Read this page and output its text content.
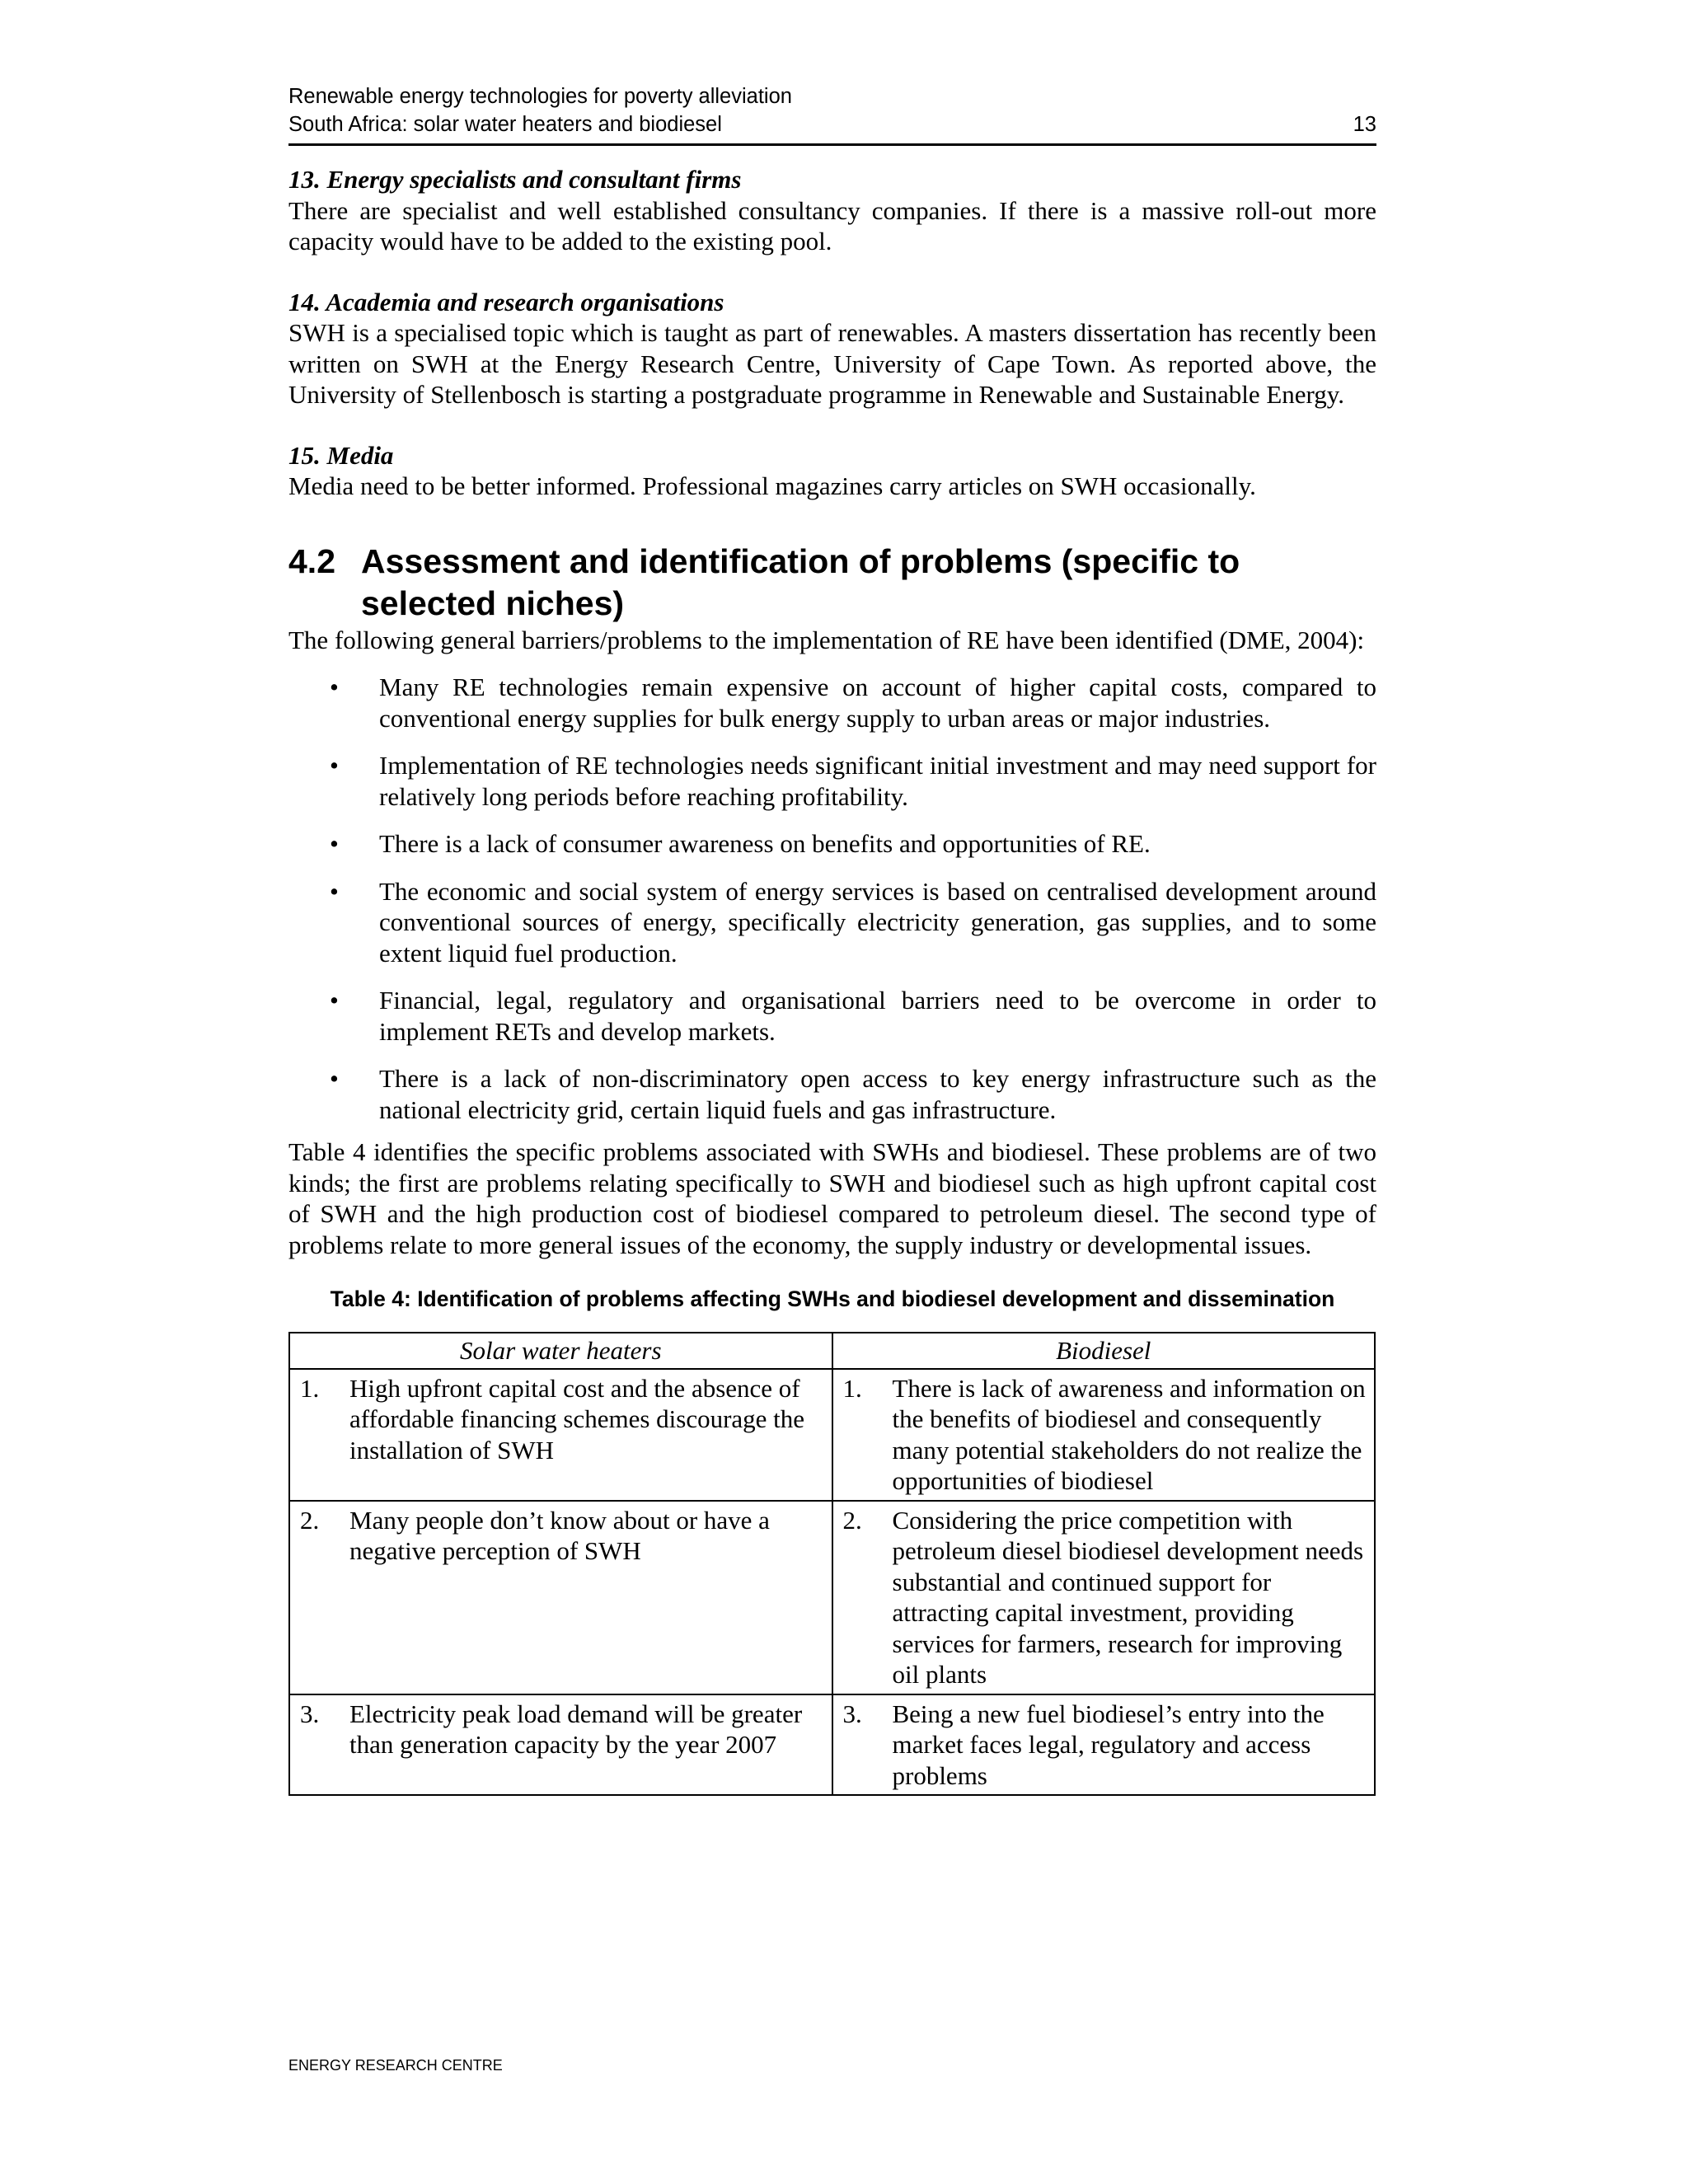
Renewable energy technologies for poverty alleviation
South Africa: solar water heaters and biodiesel	13

13. Energy specialists and consultant firms

There are specialist and well established consultancy companies. If there is a massive roll-out more capacity would have to be added to the existing pool.

14. Academia and research organisations

SWH is a specialised topic which is taught as part of renewables. A masters dissertation has recently been written on SWH at the Energy Research Centre, University of Cape Town. As reported above, the University of Stellenbosch is starting a postgraduate programme in Renewable and Sustainable Energy.

15. Media

Media need to be better informed. Professional magazines carry articles on SWH occasionally.

4.2 Assessment and identification of problems (specific to selected niches)

The following general barriers/problems to the implementation of RE have been identified (DME, 2004):

• Many RE technologies remain expensive on account of higher capital costs, compared to conventional energy supplies for bulk energy supply to urban areas or major industries.
• Implementation of RE technologies needs significant initial investment and may need support for relatively long periods before reaching profitability.
• There is a lack of consumer awareness on benefits and opportunities of RE.
• The economic and social system of energy services is based on centralised development around conventional sources of energy, specifically electricity generation, gas supplies, and to some extent liquid fuel production.
• Financial, legal, regulatory and organisational barriers need to be overcome in order to implement RETs and develop markets.
• There is a lack of non-discriminatory open access to key energy infrastructure such as the national electricity grid, certain liquid fuels and gas infrastructure.

Table 4 identifies the specific problems associated with SWHs and biodiesel. These problems are of two kinds; the first are problems relating specifically to SWH and biodiesel such as high upfront capital cost of SWH and the high production cost of biodiesel compared to petroleum diesel. The second type of problems relate to more general issues of the economy, the supply industry or developmental issues.

Table 4: Identification of problems affecting SWHs and biodiesel development and dissemination

Solar water heaters	Biodiesel

1. High upfront capital cost and the absence of affordable financing schemes discourage the installation of SWH	1. There is lack of awareness and information on the benefits of biodiesel and consequently many potential stakeholders do not realize the opportunities of biodiesel

2. Many people don’t know about or have a negative perception of SWH	2. Considering the price competition with petroleum diesel biodiesel development needs substantial and continued support for attracting capital investment, providing services for farmers, research for improving oil plants

3. Electricity peak load demand will be greater than generation capacity by the year 2007	3. Being a new fuel biodiesel’s entry into the market faces legal, regulatory and access problems
ENERGY RESEARCH CENTRE
